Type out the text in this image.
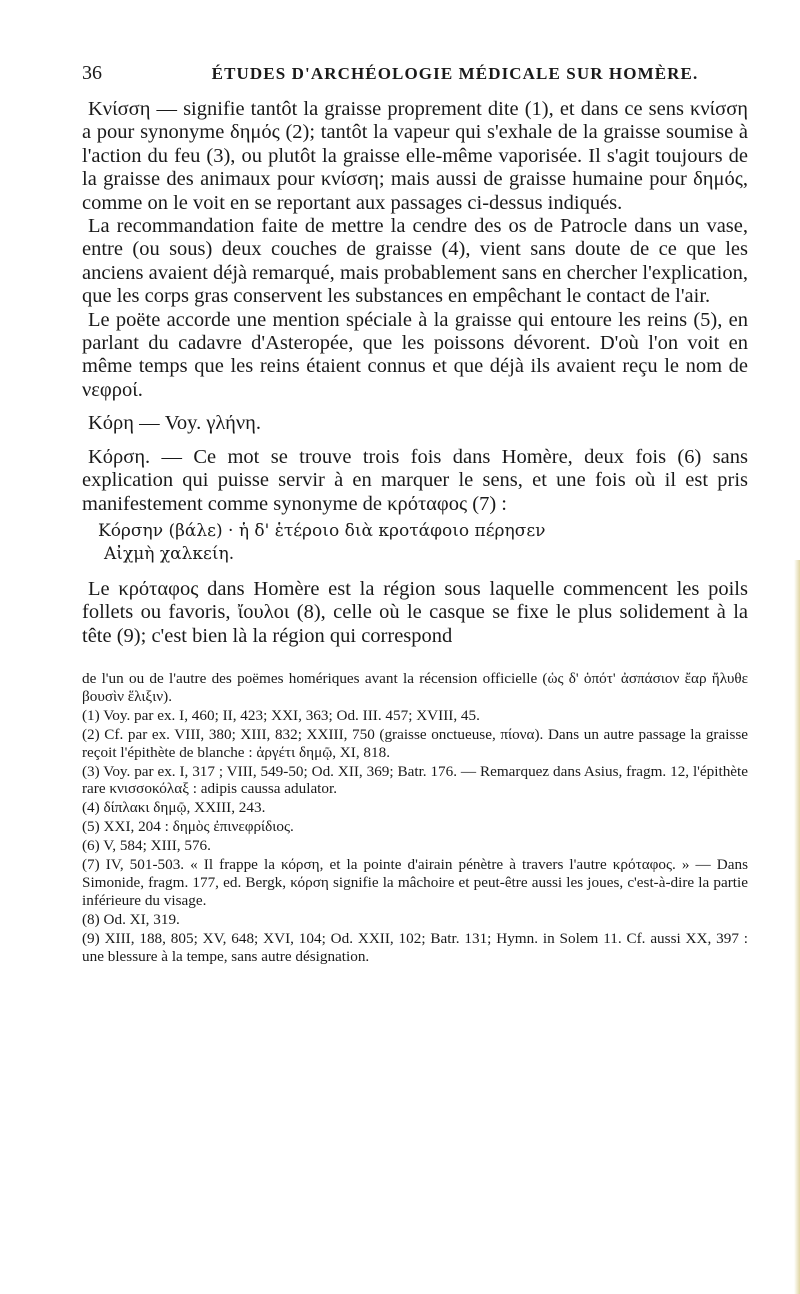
36	ÉTUDES D'ARCHÉOLOGIE MÉDICALE SUR HOMÈRE.

Κνίσση — signifie tantôt la graisse proprement dite (1), et dans ce sens κνίσση a pour synonyme δημός (2); tantôt la vapeur qui s'exhale de la graisse soumise à l'action du feu (3), ou plutôt la graisse elle-même vaporisée. Il s'agit toujours de la graisse des animaux pour κνίσση; mais aussi de graisse humaine pour δημός, comme on le voit en se reportant aux passages ci-dessus indiqués.

La recommandation faite de mettre la cendre des os de Patrocle dans un vase, entre (ou sous) deux couches de graisse (4), vient sans doute de ce que les anciens avaient déjà remarqué, mais probablement sans en chercher l'explication, que les corps gras conservent les substances en empêchant le contact de l'air.

Le poëte accorde une mention spéciale à la graisse qui entoure les reins (5), en parlant du cadavre d'Asteropée, que les poissons dévorent. D'où l'on voit en même temps que les reins étaient connus et que déjà ils avaient reçu le nom de νεφροί.

Κόρη — Voy. γλήνη.

Κόρση. — Ce mot se trouve trois fois dans Homère, deux fois (6) sans explication qui puisse servir à en marquer le sens, et une fois où il est pris manifestement comme synonyme de κρόταφος (7) :

Κόρσην (βάλε) · ἡ δ' ἑτέροιο διὰ κροτάφοιο πέρησεν
Αἰχμὴ χαλκείη.

Le κρόταφος dans Homère est la région sous laquelle commencent les poils follets ou favoris, ἴουλοι (8), celle où le casque se fixe le plus solidement à la tête (9); c'est bien là la région qui correspond

de l'un ou de l'autre des poëmes homériques avant la récension officielle (ὡς δ' ὁπότ' ἀσπάσιον ἔαρ ἤλυθε βουσὶν ἕλιξιν).
(1) Voy. par ex. I, 460; II, 423; XXI, 363; Od. III. 457; XVIII, 45.
(2) Cf. par ex. VIII, 380; XIII, 832; XXIII, 750 (graisse onctueuse, πίονα). Dans un autre passage la graisse reçoit l'épithète de blanche : ἀργέτι δημῷ, XI, 818.
(3) Voy. par ex. I, 317 ; VIII, 549-50; Od. XII, 369; Batr. 176. — Remarquez dans Asius, fragm. 12, l'épithète rare κνισσοκόλαξ : adipis caussa adulator.
(4) δίπλακι δημῷ, XXIII, 243.
(5) XXI, 204 : δημὸς ἐπινεφρίδιος.
(6) V, 584; XIII, 576.
(7) IV, 501-503. « Il frappe la κόρση, et la pointe d'airain pénètre à travers l'autre κρόταφος. » — Dans Simonide, fragm. 177, ed. Bergk, κόρση signifie la mâchoire et peut-être aussi les joues, c'est-à-dire la partie inférieure du visage.
(8) Od. XI, 319.
(9) XIII, 188, 805; XV, 648; XVI, 104; Od. XXII, 102; Batr. 131; Hymn. in Solem 11. Cf. aussi XX, 397 : une blessure à la tempe, sans autre désignation.
